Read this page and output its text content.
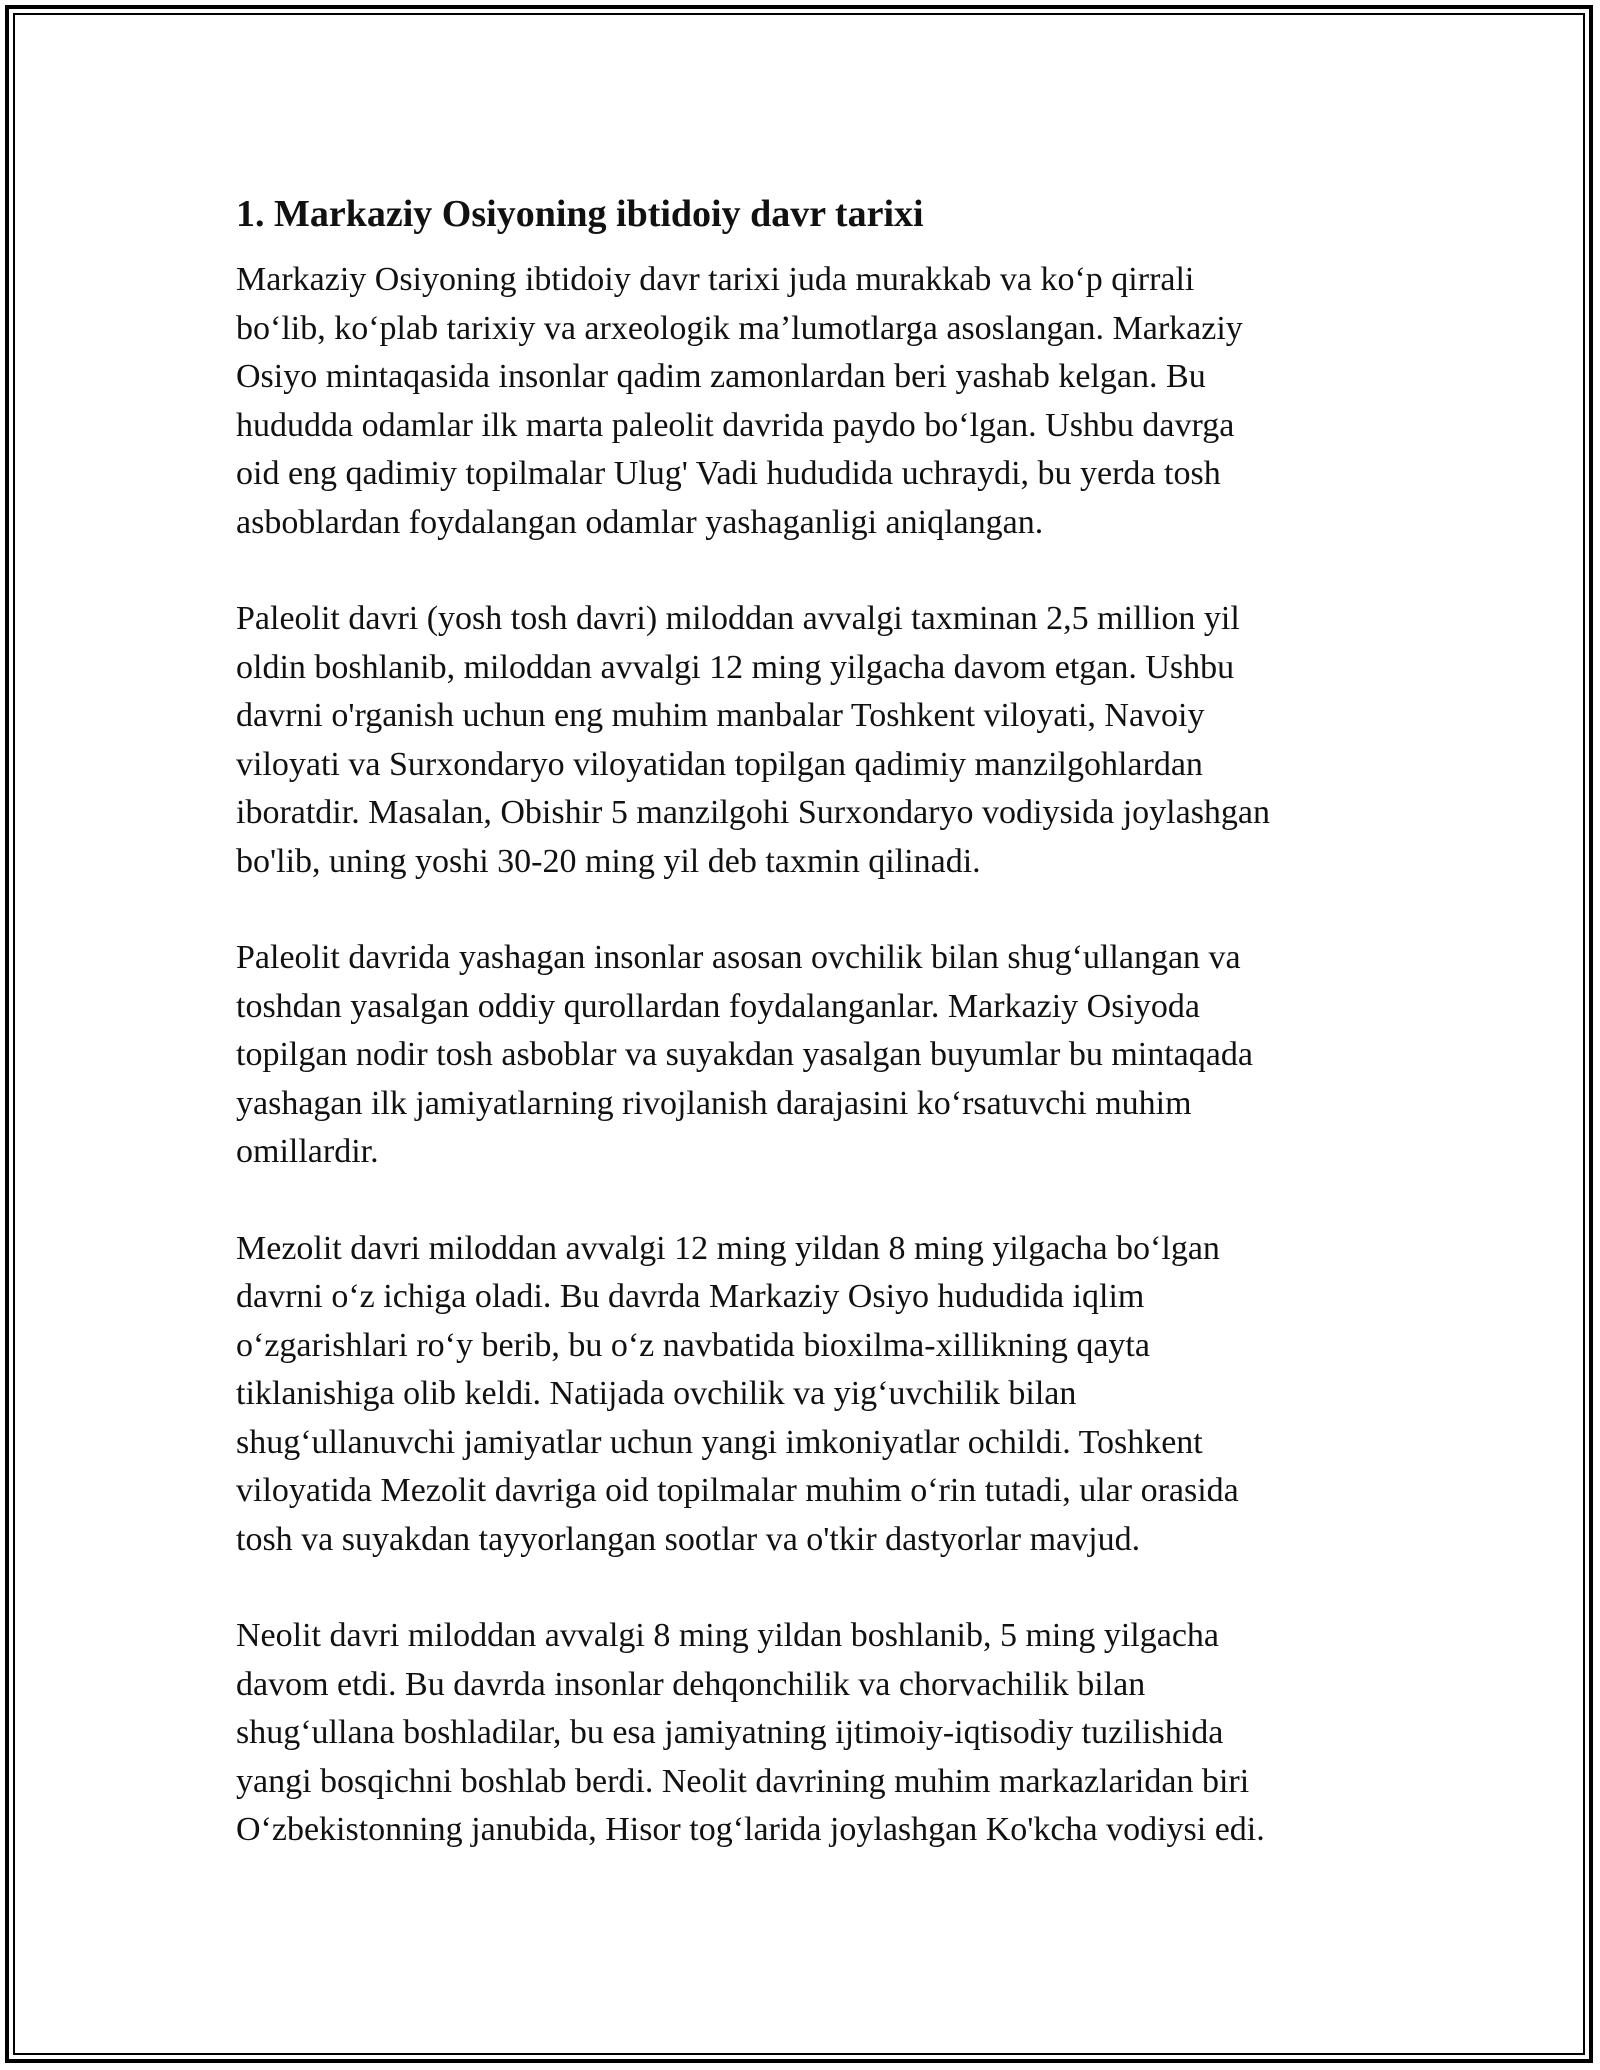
1. Markaziy Osiyoning ibtidoiy davr tarixi
Markaziy Osiyoning ibtidoiy davr tarixi juda murakkab va koʻp qirrali
boʻlib, koʻplab tarixiy va arxeologik maʼlumotlarga asoslangan. Markaziy
Osiyo mintaqasida insonlar qadim zamonlardan beri yashab kelgan. Bu
hududda odamlar ilk marta paleolit davrida paydo boʻlgan. Ushbu davrga
oid eng qadimiy topilmalar Ulug' Vadi hududida uchraydi, bu yerda tosh
asboblardan foydalangan odamlar yashaganligi aniqlangan.
Paleolit davri (yosh tosh davri) miloddan avvalgi taxminan 2,5 million yil
oldin boshlanib, miloddan avvalgi 12 ming yilgacha davom etgan. Ushbu
davrni o'rganish uchun eng muhim manbalar Toshkent viloyati, Navoiy
viloyati va Surxondaryo viloyatidan topilgan qadimiy manzilgohlardan
iboratdir. Masalan, Obishir 5 manzilgohi Surxondaryo vodiysida joylashgan
bo'lib, uning yoshi 30-20 ming yil deb taxmin qilinadi.
Paleolit davrida yashagan insonlar asosan ovchilik bilan shugʻullangan va
toshdan yasalgan oddiy qurollardan foydalanganlar. Markaziy Osiyoda
topilgan nodir tosh asboblar va suyakdan yasalgan buyumlar bu mintaqada
yashagan ilk jamiyatlarning rivojlanish darajasini koʻrsatuvchi muhim
omillardir.
Mezolit davri miloddan avvalgi 12 ming yildan 8 ming yilgacha boʻlgan
davrni oʻz ichiga oladi. Bu davrda Markaziy Osiyo hududida iqlim
oʻzgarishlari roʻy berib, bu oʻz navbatida bioxilma-xillikning qayta
tiklanishiga olib keldi. Natijada ovchilik va yigʻuvchilik bilan
shugʻullanuvchi jamiyatlar uchun yangi imkoniyatlar ochildi. Toshkent
viloyatida Mezolit davriga oid topilmalar muhim oʻrin tutadi, ular orasida
tosh va suyakdan tayyorlangan sootlar va o'tkir dastyorlar mavjud.
Neolit davri miloddan avvalgi 8 ming yildan boshlanib, 5 ming yilgacha
davom etdi. Bu davrda insonlar dehqonchilik va chorvachilik bilan
shugʻullana boshladilar, bu esa jamiyatning ijtimoiy-iqtisodiy tuzilishida
yangi bosqichni boshlab berdi. Neolit davrining muhim markazlaridan biri
Oʻzbekistonning janubida, Hisor togʻlarida joylashgan Ko'kcha vodiysi edi.
